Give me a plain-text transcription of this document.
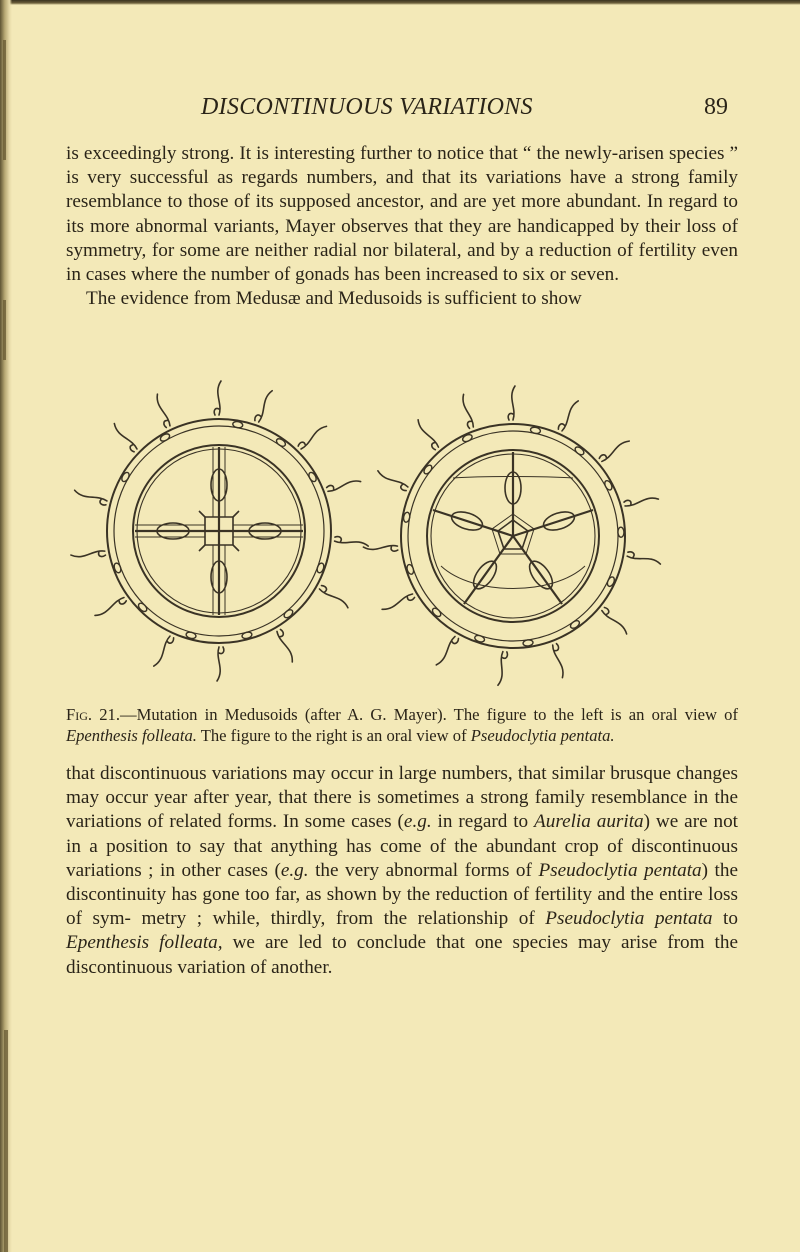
DISCONTINUOUS VARIATIONS	89

is exceedingly strong. It is interesting further to notice that “ the newly-arisen species ” is very successful as regards numbers, and that its variations have a strong family resemblance to those of its supposed ancestor, and are yet more abundant. In regard to its more abnormal variants, Mayer observes that they are handicapped by their loss of symmetry, for some are neither radial nor bilateral, and by a reduction of fertility even in cases where the number of gonads has been increased to six or seven.

The evidence from Medusæ and Medusoids is sufficient to show

Fig. 21.—Mutation in Medusoids (after A. G. Mayer). The figure to the left is an oral view of Epenthesis folleata. The figure to the right is an oral view of Pseudoclytia pentata.

that discontinuous variations may occur in large numbers, that similar brusque changes may occur year after year, that there is sometimes a strong family resemblance in the variations of related forms. In some cases (e.g. in regard to Aurelia aurita) we are not in a position to say that anything has come of the abundant crop of discontinuous variations ; in other cases (e.g. the very abnormal forms of Pseudoclytia pentata) the discontinuity has gone too far, as shown by the reduction of fertility and the entire loss of sym- metry ; while, thirdly, from the relationship of Pseudoclytia pentata to Epenthesis folleata, we are led to conclude that one species may arise from the discontinuous variation of another.
